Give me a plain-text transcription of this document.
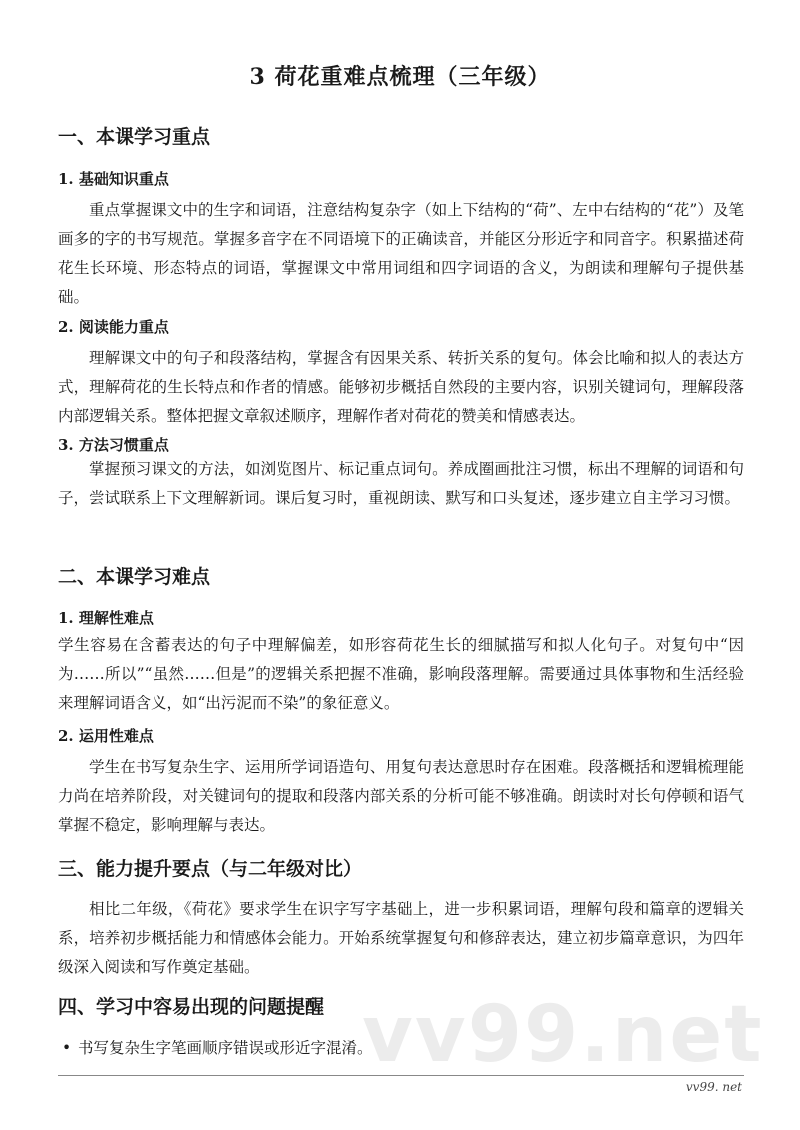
3 荷花重难点梳理（三年级）
一、本课学习重点
1. 基础知识重点
重点掌握课文中的生字和词语，注意结构复杂字（如上下结构的“荷”、左中右结构的“花”）及笔画多的字的书写规范。掌握多音字在不同语境下的正确读音，并能区分形近字和同音字。积累描述荷花生长环境、形态特点的词语，掌握课文中常用词组和四字词语的含义，为朗读和理解句子提供基础。
2. 阅读能力重点
理解课文中的句子和段落结构，掌握含有因果关系、转折关系的复句。体会比喻和拟人的表达方式，理解荷花的生长特点和作者的情感。能够初步概括自然段的主要内容，识别关键词句，理解段落内部逻辑关系。整体把握文章叙述顺序，理解作者对荷花的赞美和情感表达。
3. 方法习惯重点
掌握预习课文的方法，如浏览图片、标记重点词句。养成圈画批注习惯，标出不理解的词语和句子，尝试联系上下文理解新词。课后复习时，重视朗读、默写和口头复述，逐步建立自主学习习惯。
二、本课学习难点
1. 理解性难点
学生容易在含蓄表达的句子中理解偏差，如形容荷花生长的细腻描写和拟人化句子。对复句中“因为……所以”“虽然……但是”的逻辑关系把握不准确，影响段落理解。需要通过具体事物和生活经验来理解词语含义，如“出污泥而不染”的象征意义。
2. 运用性难点
学生在书写复杂生字、运用所学词语造句、用复句表达意思时存在困难。段落概括和逻辑梳理能力尚在培养阶段，对关键词句的提取和段落内部关系的分析可能不够准确。朗读时对长句停顿和语气掌握不稳定，影响理解与表达。
三、能力提升要点（与二年级对比）
相比二年级，《荷花》要求学生在识字写字基础上，进一步积累词语，理解句段和篇章的逻辑关系，培养初步概括能力和情感体会能力。开始系统掌握复句和修辞表达，建立初步篇章意识，为四年级深入阅读和写作奠定基础。
四、学习中容易出现的问题提醒
• 书写复杂生字笔画顺序错误或形近字混淆。
vv99.net
vv99. net
